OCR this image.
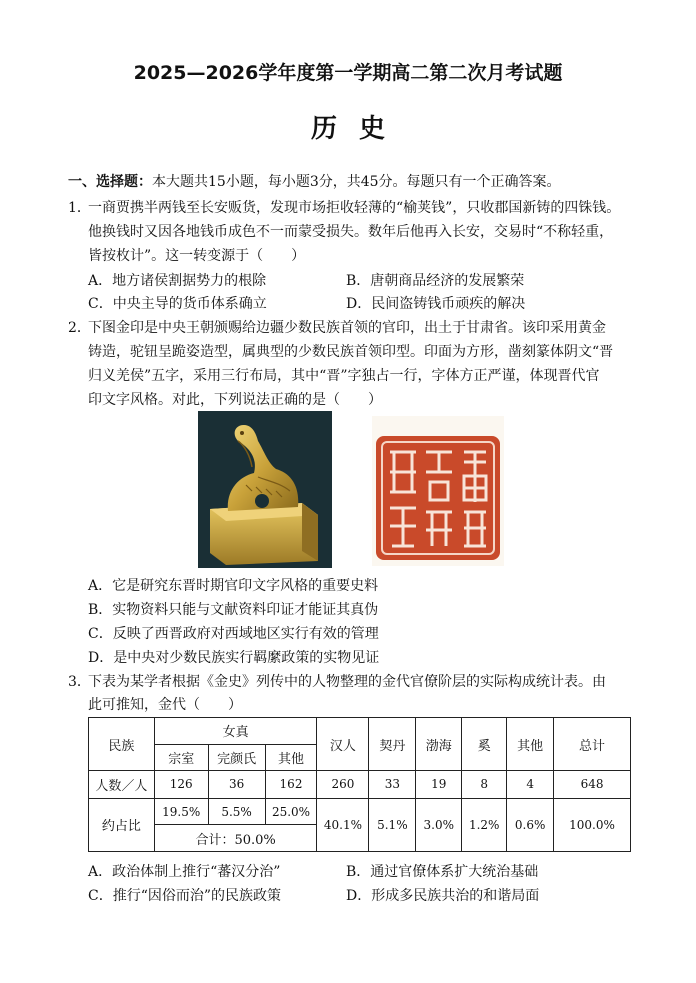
2025—2026学年度第一学期高二第二次月考试题
历史
一、选择题：本大题共15小题，每小题3分，共45分。每题只有一个正确答案。
1．
一商贾携半两钱至长安贩货，发现市场拒收轻薄的“榆荚钱”，只收郡国新铸的四铢钱。
他换钱时又因各地钱币成色不一而蒙受损失。数年后他再入长安，交易时“不称轻重，
皆按枚计”。这一转变源于（　　）
A．地方诸侯割据势力的根除	B．唐朝商品经济的发展繁荣
C．中央主导的货币体系确立	D．民间盗铸钱币顽疾的解决
2．
下图金印是中央王朝颁赐给边疆少数民族首领的官印，出土于甘肃省。该印采用黄金
铸造，驼钮呈跪姿造型，属典型的少数民族首领印型。印面为方形，凿刻篆体阴文“晋
归义羌侯”五字，采用三行布局，其中“晋”字独占一行，字体方正严谨，体现晋代官
印文字风格。对此，下列说法正确的是（　　）
A．它是研究东晋时期官印文字风格的重要史料
B．实物资料只能与文献资料印证才能证其真伪
C．反映了西晋政府对西域地区实行有效的管理
D．是中央对少数民族实行羁縻政策的实物见证
3．
下表为某学者根据《金史》列传中的人物整理的金代官僚阶层的实际构成统计表。由
此可推知，金代（　　）
民族	女真			汉人	契丹	渤海	奚	其他	总计
	宗室	完颜氏	其他						
人数／人	126	36	162	260	33	19	8	4	648
约占比	19.5%	5.5%	25.0%	40.1%	5.1%	3.0%	1.2%	0.6%	100.0%
	合计：50.0%								
A．政治体制上推行“蕃汉分治”	B．通过官僚体系扩大统治基础
C．推行“因俗而治”的民族政策	D．形成多民族共治的和谐局面
